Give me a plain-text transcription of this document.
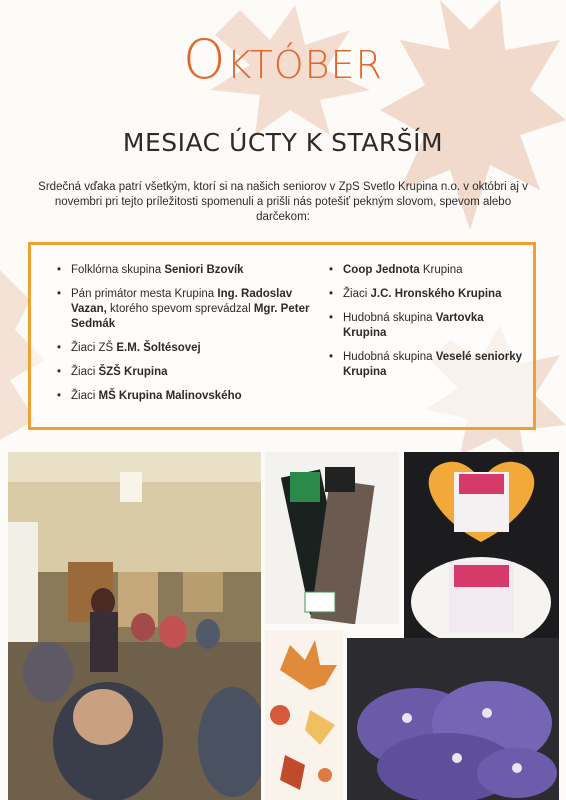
Október
MESIAC ÚCTY K STARŠÍM
Srdečná vďaka patrí všetkým, ktorí si na našich seniorov v ZpS Svetlo Krupina n.o. v októbri aj v novembri pri tejto príležitosti spomenuli a prišli nás potešiť pekným slovom, spevom alebo darčekom:
• Folklórna skupina Seniori Bzovík
• Pán primátor mesta Krupina Ing. Radoslav Vazan, ktorého spevom sprevádzal Mgr. Peter Sedmák
• Žiaci ZŠ E.M. Šoltésovej
• Žiaci ŠZŠ Krupina
• Žiaci MŠ Krupina Malinovského
• Coop Jednota Krupina
• Žiaci J.C. Hronského Krupina
• Hudobná skupina Vartovka Krupina
• Hudobná skupina Veselé seniorky Krupina
